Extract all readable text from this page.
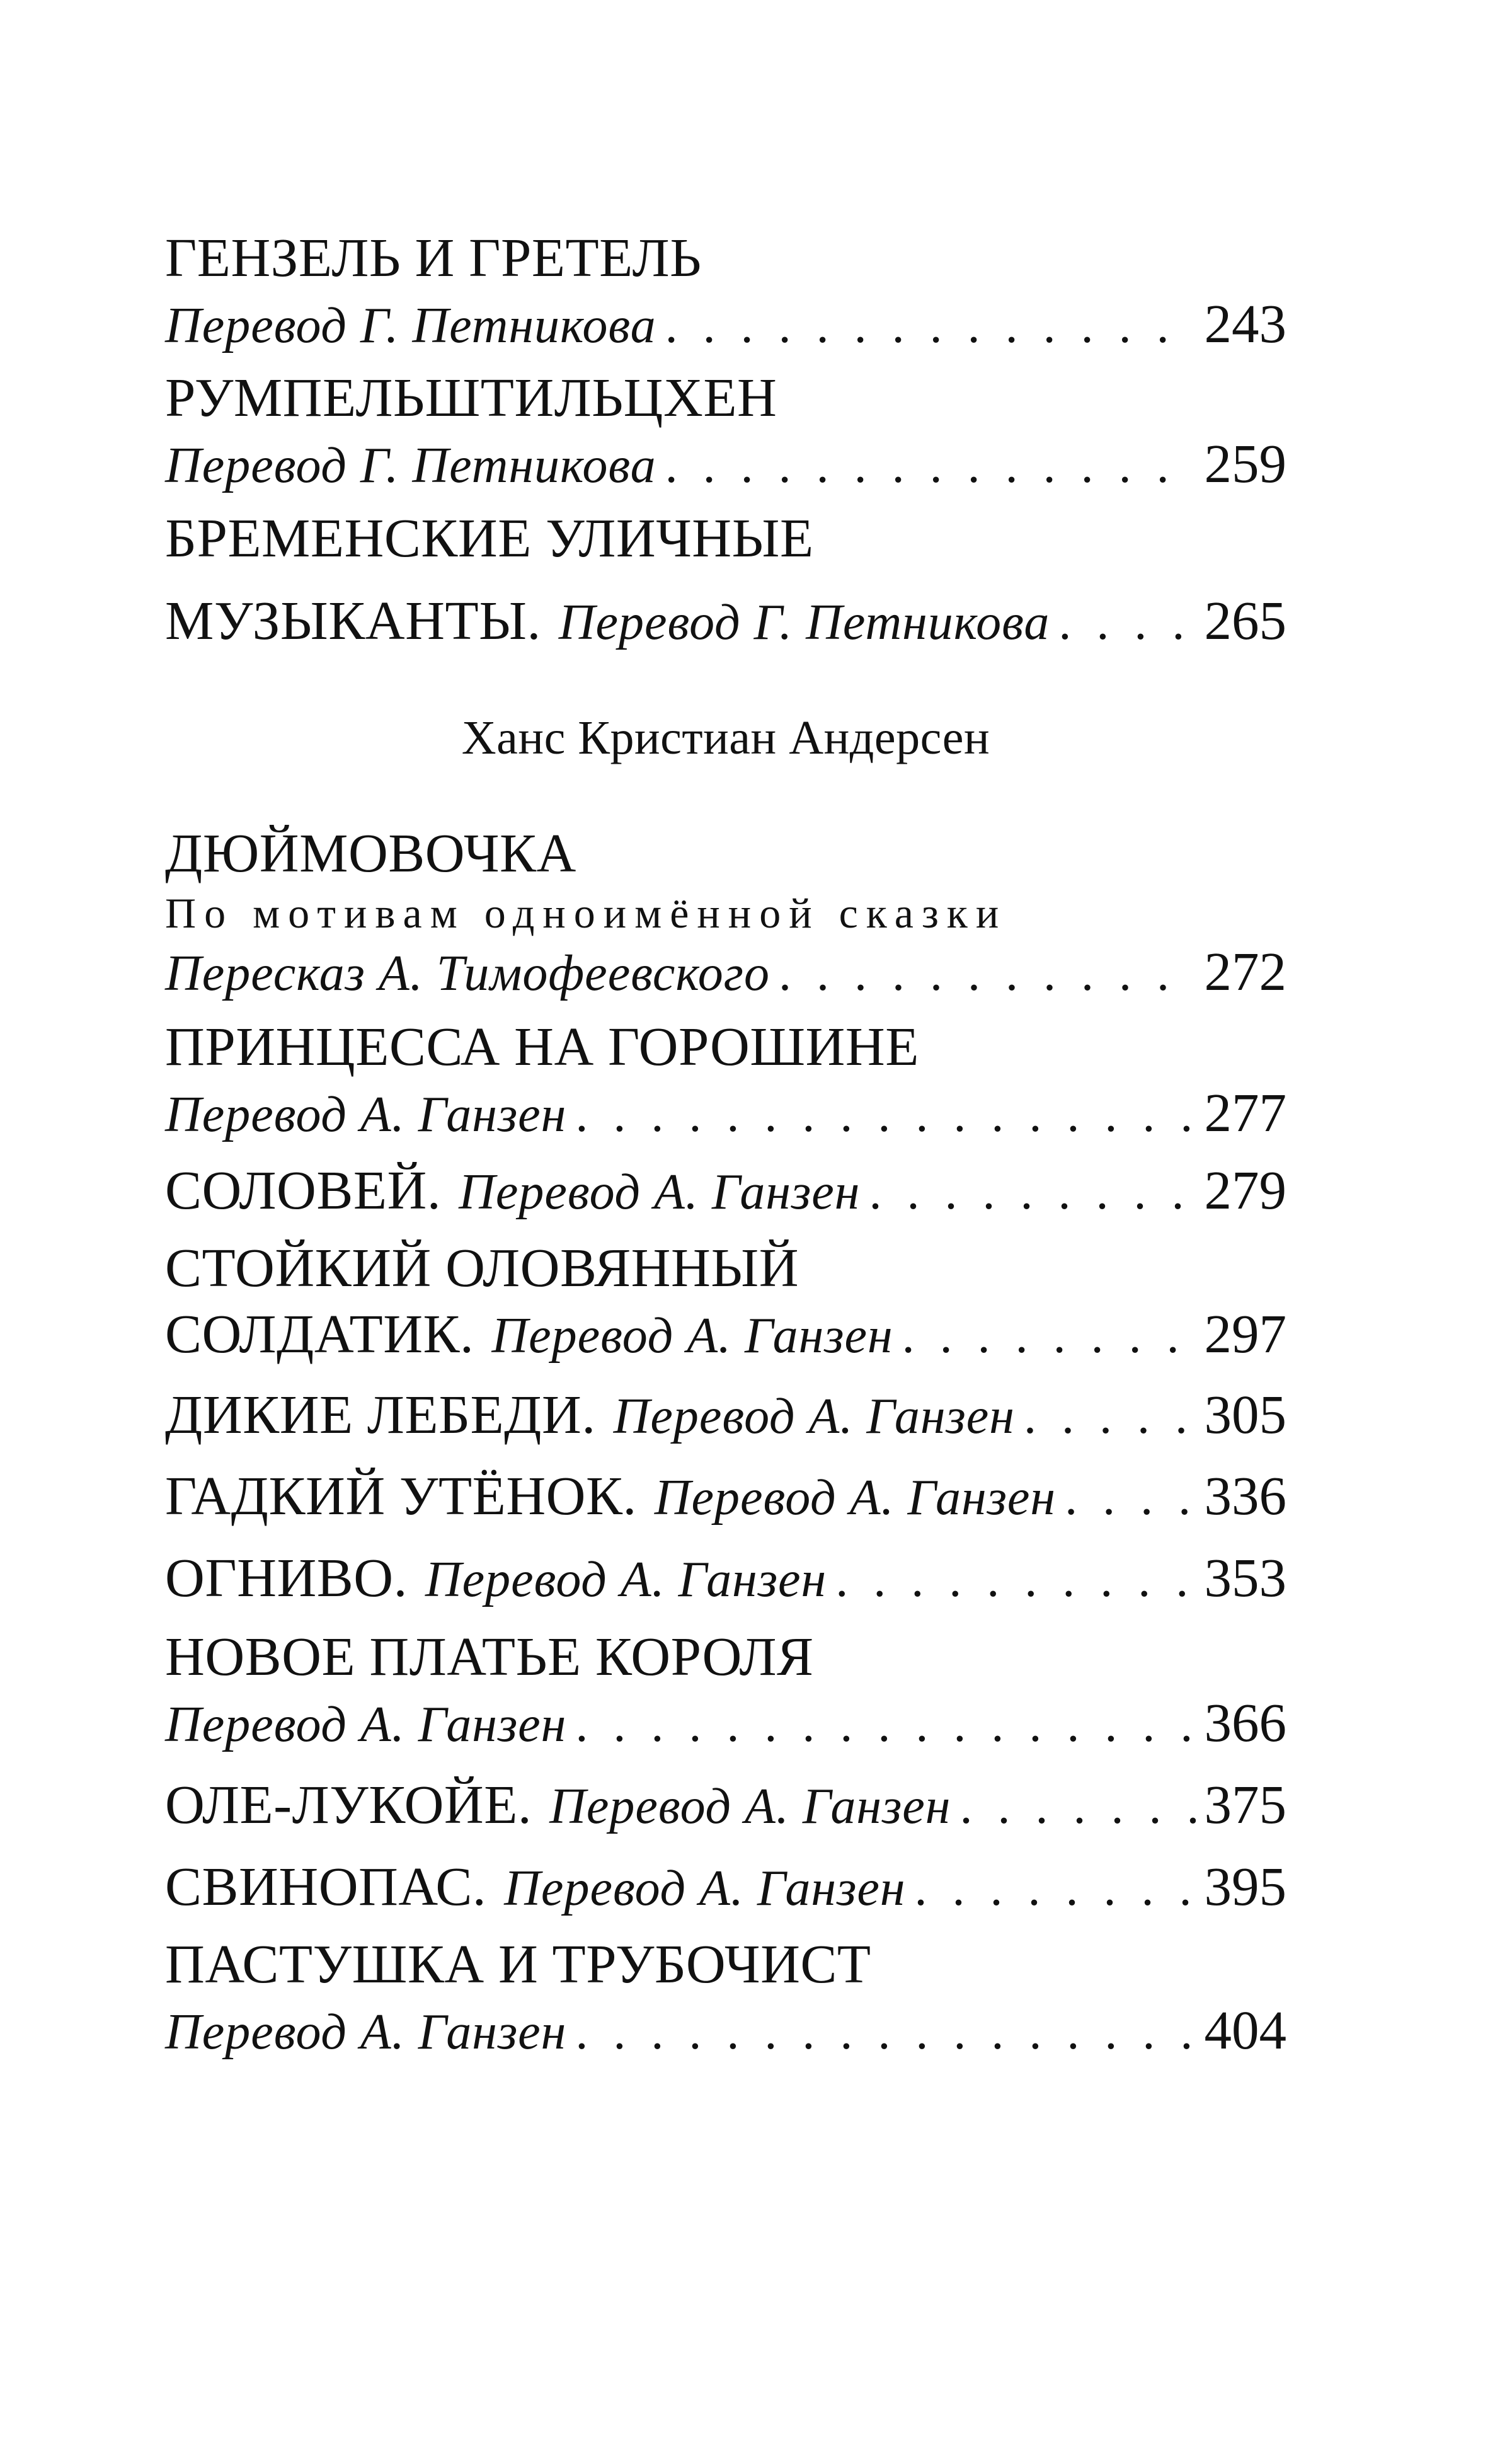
ГЕНЗЕЛЬ И ГРЕТЕЛЬ
Перевод Г. Петникова . . .	243
РУМПЕЛЬШТИЛЬЦХЕН
Перевод Г. Петникова . . .	259
БРЕМЕНСКИЕ УЛИЧНЫЕ
МУЗЫКАНТЫ. Перевод Г. Петникова . . .	265
Ханс Кристиан Андерсен
ДЮЙМОВОЧКА
По мотивам одноимённой сказки
Пересказ А. Тимофеевского . . .	272
ПРИНЦЕССА НА ГОРОШИНЕ
Перевод А. Ганзен . . .	277
СОЛОВЕЙ. Перевод А. Ганзен . . .	279
СТОЙКИЙ ОЛОВЯННЫЙ
СОЛДАТИК. Перевод А. Ганзен . . .	297
ДИКИЕ ЛЕБЕДИ. Перевод А. Ганзен . . .	305
ГАДКИЙ УТЁНОК. Перевод А. Ганзен . . .	336
ОГНИВО. Перевод А. Ганзен . . .	353
НОВОЕ ПЛАТЬЕ КОРОЛЯ
Перевод А. Ганзен . . .	366
ОЛЕ-ЛУКОЙЕ. Перевод А. Ганзен . . .	375
СВИНОПАС. Перевод А. Ганзен . . .	395
ПАСТУШКА И ТРУБОЧИСТ
Перевод А. Ганзен . . .	404
